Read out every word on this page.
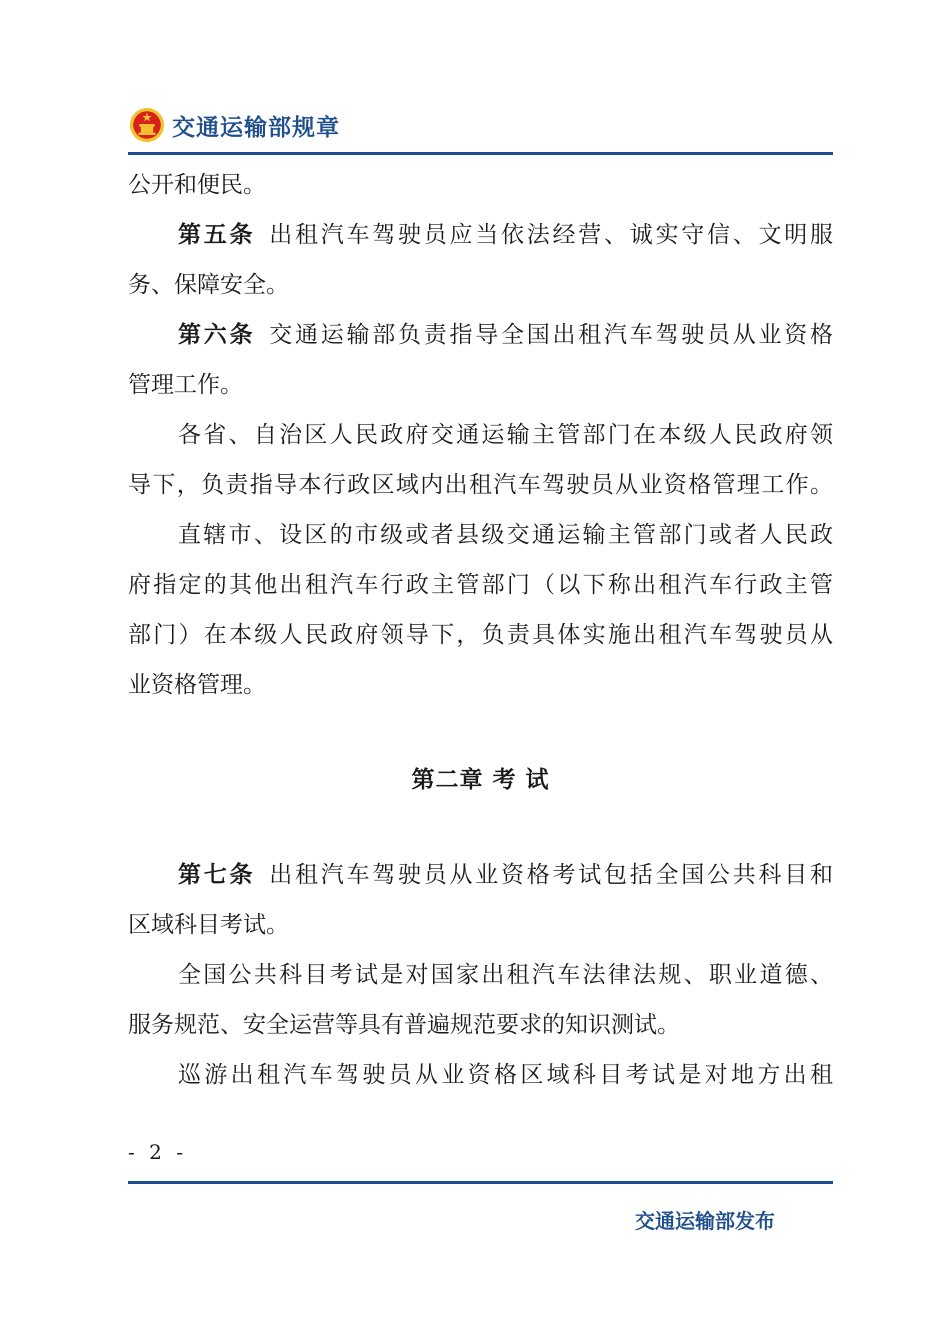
交通运输部规章
公开和便民。
第五条 出租汽车驾驶员应当依法经营、诚实守信、文明服
务、保障安全。
第六条 交通运输部负责指导全国出租汽车驾驶员从业资格
管理工作。
各省、自治区人民政府交通运输主管部门在本级人民政府领
导下，负责指导本行政区域内出租汽车驾驶员从业资格管理工作。
直辖市、设区的市级或者县级交通运输主管部门或者人民政
府指定的其他出租汽车行政主管部门（以下称出租汽车行政主管
部门）在本级人民政府领导下，负责具体实施出租汽车驾驶员从
业资格管理。
第二章 考 试
第七条 出租汽车驾驶员从业资格考试包括全国公共科目和
区域科目考试。
全国公共科目考试是对国家出租汽车法律法规、职业道德、
服务规范、安全运营等具有普遍规范要求的知识测试。
巡游出租汽车驾驶员从业资格区域科目考试是对地方出租
- 2 -
交通运输部发布
